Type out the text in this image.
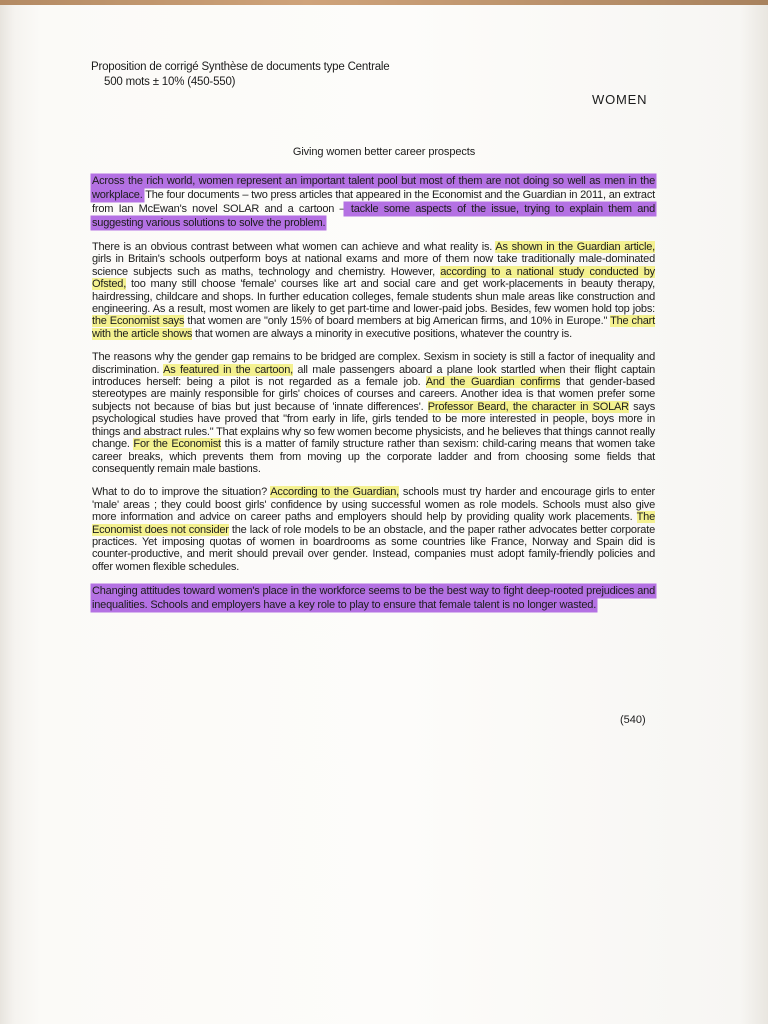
Proposition de corrigé Synthèse de documents type Centrale
500 mots ± 10% (450-550)
WOMEN
Giving women better career prospects

Across the rich world, women represent an important talent pool but most of them are not doing so well as men in the workplace. The four documents – two press articles that appeared in the Economist and the Guardian in 2011, an extract from Ian McEwan's novel SOLAR and a cartoon – tackle some aspects of the issue, trying to explain them and suggesting various solutions to solve the problem.

There is an obvious contrast between what women can achieve and what reality is. As shown in the Guardian article, girls in Britain's schools outperform boys at national exams and more of them now take traditionally male-dominated science subjects such as maths, technology and chemistry. However, according to a national study conducted by Ofsted, too many still choose 'female' courses like art and social care and get work-placements in beauty therapy, hairdressing, childcare and shops. In further education colleges, female students shun male areas like construction and engineering. As a result, most women are likely to get part-time and lower-paid jobs. Besides, few women hold top jobs: the Economist says that women are "only 15% of board members at big American firms, and 10% in Europe." The chart with the article shows that women are always a minority in executive positions, whatever the country is.

The reasons why the gender gap remains to be bridged are complex. Sexism in society is still a factor of inequality and discrimination. As featured in the cartoon, all male passengers aboard a plane look startled when their flight captain introduces herself: being a pilot is not regarded as a female job. And the Guardian confirms that gender-based stereotypes are mainly responsible for girls' choices of courses and careers. Another idea is that women prefer some subjects not because of bias but just because of 'innate differences'. Professor Beard, the character in SOLAR says psychological studies have proved that "from early in life, girls tended to be more interested in people, boys more in things and abstract rules." That explains why so few women become physicists, and he believes that things cannot really change. For the Economist this is a matter of family structure rather than sexism: child-caring means that women take career breaks, which prevents them from moving up the corporate ladder and from choosing some fields that consequently remain male bastions.

What to do to improve the situation? According to the Guardian, schools must try harder and encourage girls to enter 'male' areas ; they could boost girls' confidence by using successful women as role models. Schools must also give more information and advice on career paths and employers should help by providing quality work placements. The Economist does not consider the lack of role models to be an obstacle, and the paper rather advocates better corporate practices. Yet imposing quotas of women in boardrooms as some countries like France, Norway and Spain did is counter-productive, and merit should prevail over gender. Instead, companies must adopt family-friendly policies and offer women flexible schedules.

Changing attitudes toward women's place in the workforce seems to be the best way to fight deep-rooted prejudices and inequalities. Schools and employers have a key role to play to ensure that female talent is no longer wasted.

(540)
